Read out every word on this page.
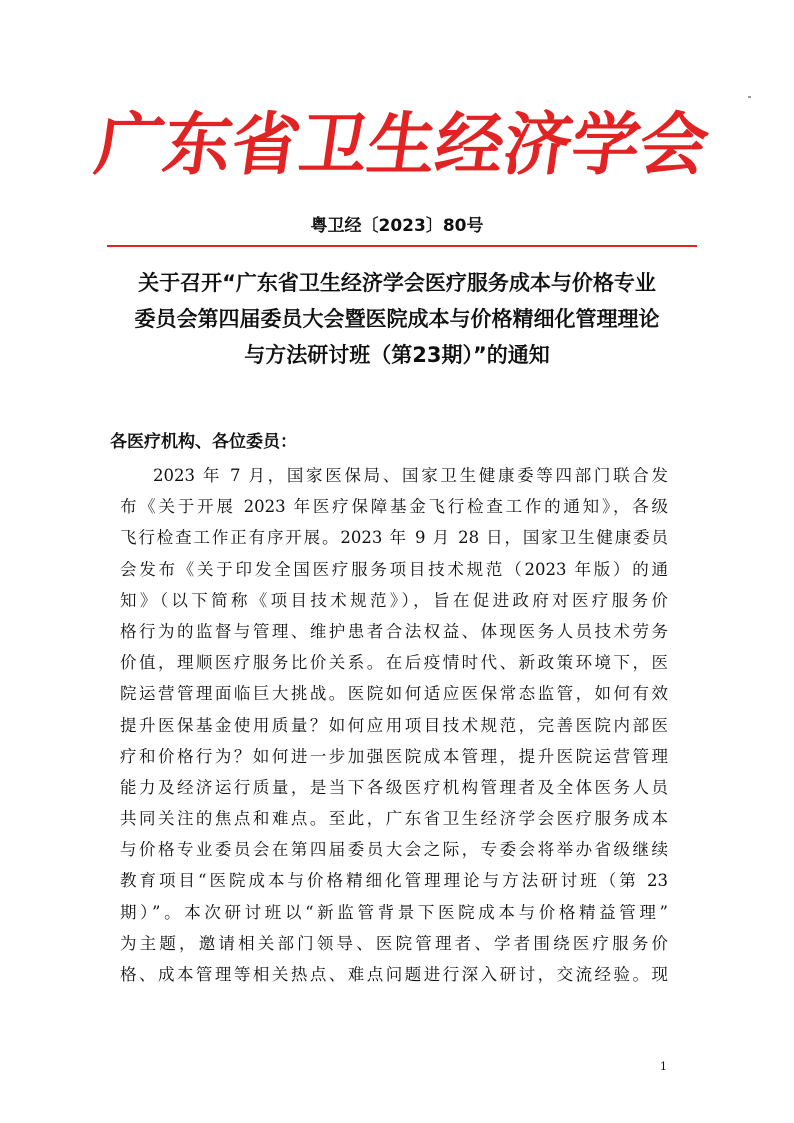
广
东
省
卫
生
经
济
学
会
粤卫经〔2023〕80号
关于召开“广东省卫生经济学会医疗服务成本与价格专业
委员会第四届委员大会暨医院成本与价格精细化管理理论
与方法研讨班（第23期）”的通知
各医疗机构、各位委员：
2023 年 7 月，国家医保局、国家卫生健康委等四部门联合发
布《关于开展 2023 年医疗保障基金飞行检查工作的通知》，各级
飞行检查工作正有序开展。2023 年 9 月 28 日，国家卫生健康委员
会发布《关于印发全国医疗服务项目技术规范（2023 年版）的通
知》（以下简称《项目技术规范》），旨在促进政府对医疗服务价
格行为的监督与管理、维护患者合法权益、体现医务人员技术劳务
价值，理顺医疗服务比价关系。在后疫情时代、新政策环境下，医
院运营管理面临巨大挑战。医院如何适应医保常态监管，如何有效
提升医保基金使用质量？如何应用项目技术规范，完善医院内部医
疗和价格行为？如何进一步加强医院成本管理，提升医院运营管理
能力及经济运行质量，是当下各级医疗机构管理者及全体医务人员
共同关注的焦点和难点。至此，广东省卫生经济学会医疗服务成本
与价格专业委员会在第四届委员大会之际，专委会将举办省级继续
教育项目“医院成本与价格精细化管理理论与方法研讨班（第 23
期）”。本次研讨班以“新监管背景下医院成本与价格精益管理”
为主题，邀请相关部门领导、医院管理者、学者围绕医疗服务价
格、成本管理等相关热点、难点问题进行深入研讨，交流经验。现
1
